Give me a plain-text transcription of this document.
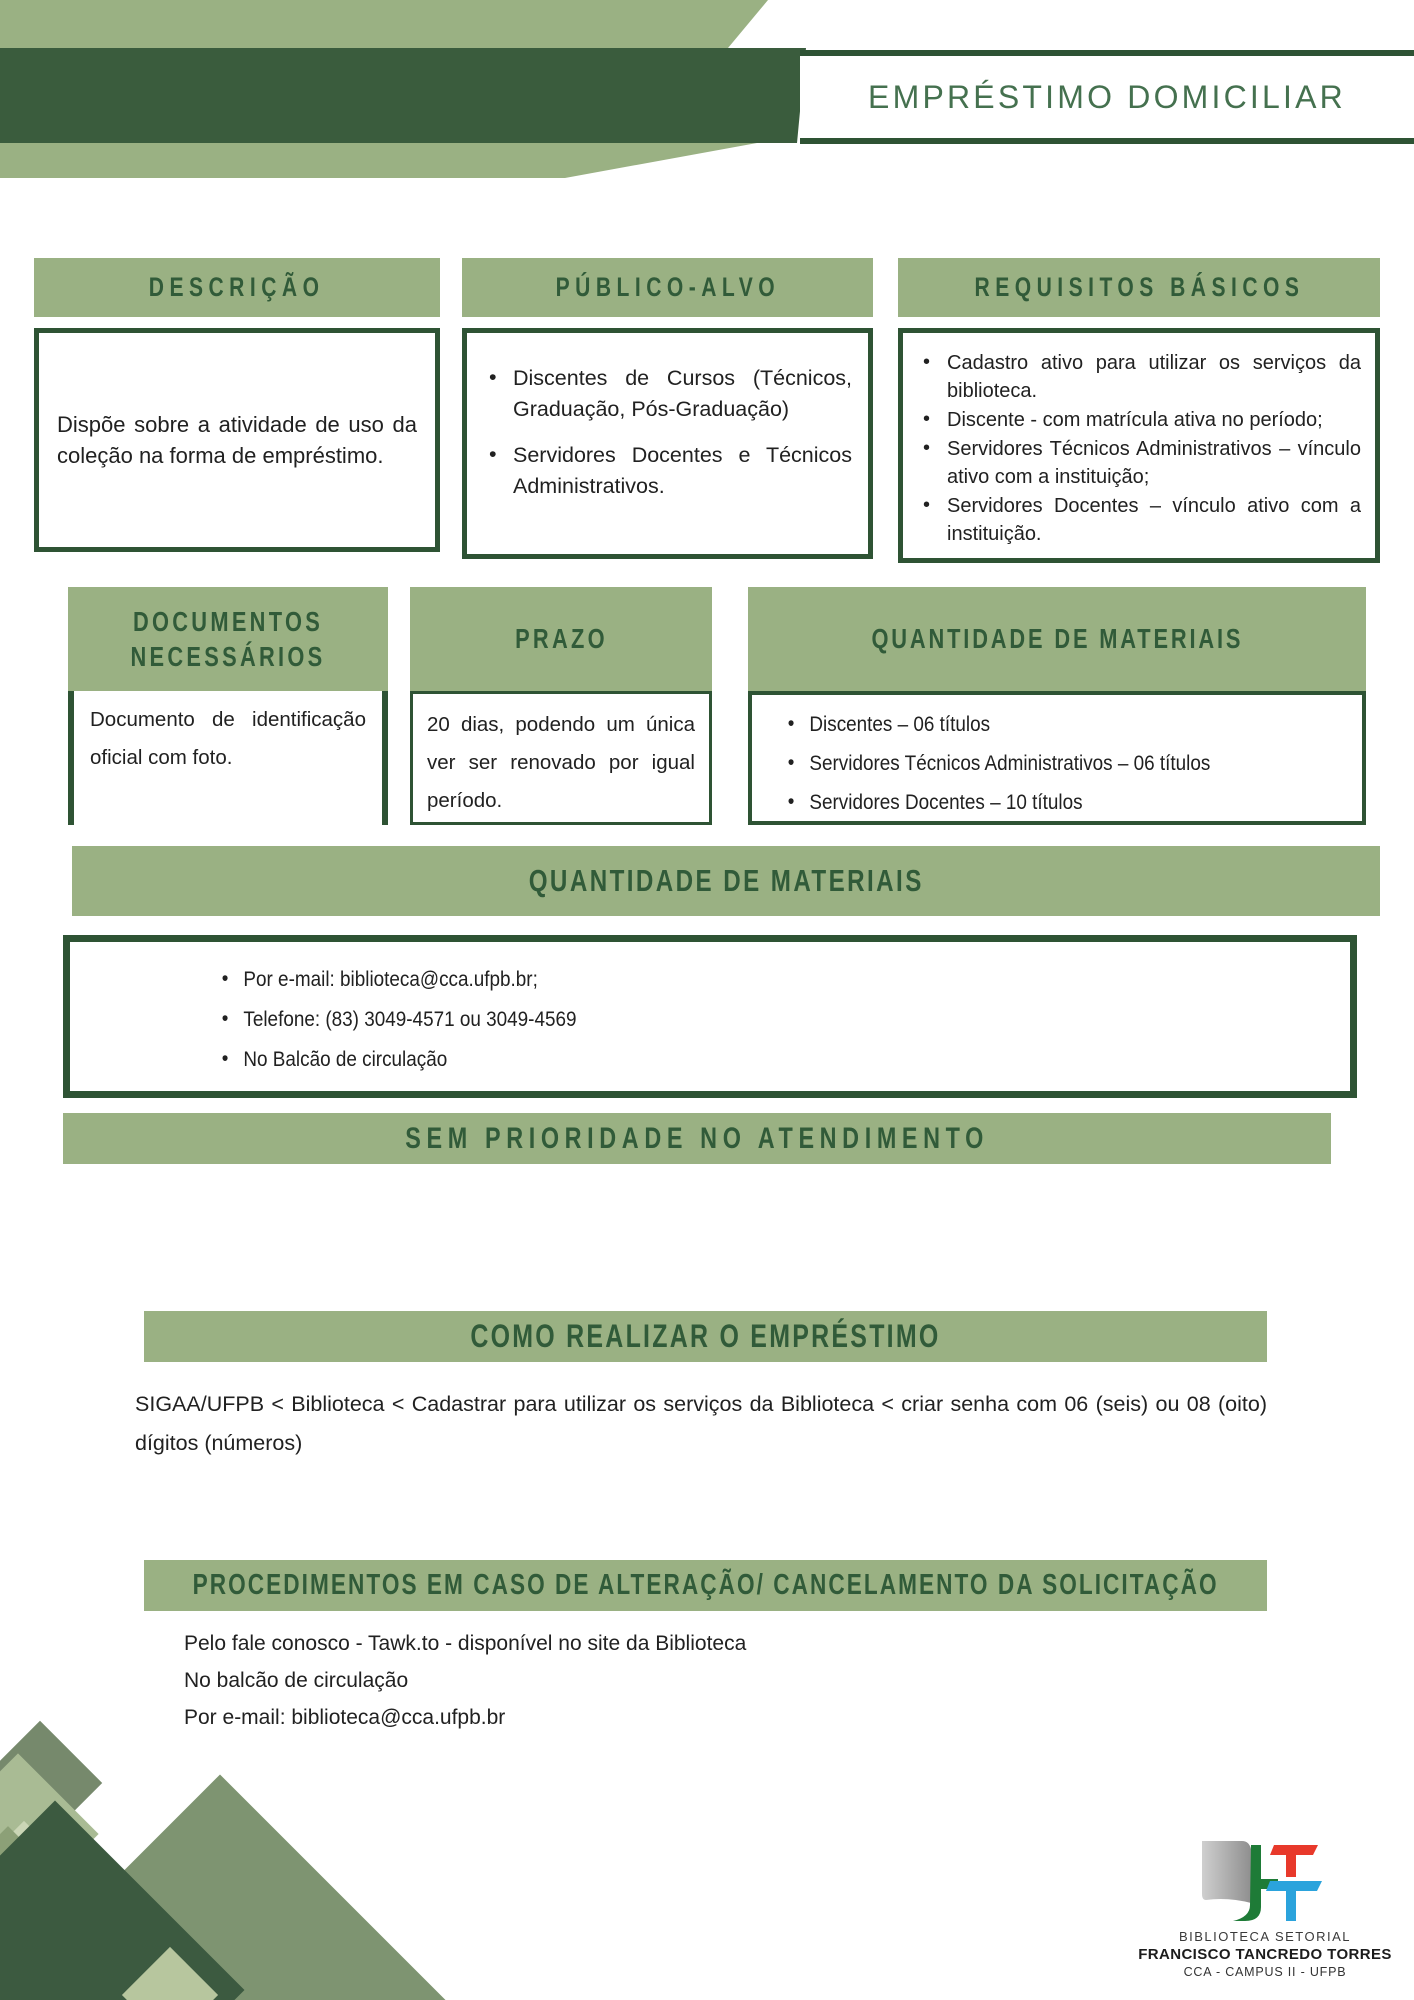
EMPRÉSTIMO DOMICILIAR
DESCRIÇÃO

Dispõe sobre a atividade de uso da coleção na forma de empréstimo.

PÚBLICO-ALVO
• Discentes de Cursos (Técnicos, Graduação, Pós-Graduação)
• Servidores Docentes e Técnicos Administrativos.
REQUISITOS BÁSICOS
• Cadastro ativo para utilizar os serviços da biblioteca.
• Discente - com matrícula ativa no período;
• Servidores Técnicos Administrativos – vínculo ativo com a instituição;
• Servidores Docentes – vínculo ativo com a instituição.
DOCUMENTOS NECESSÁRIOS

Documento de identificação oficial com foto.

PRAZO

20 dias, podendo um única ver ser renovado por igual período.

QUANTIDADE DE MATERIAIS
• Discentes – 06 títulos
• Servidores Técnicos Administrativos – 06 títulos
• Servidores Docentes – 10 títulos
QUANTIDADE DE MATERIAIS
• Por e-mail: biblioteca@cca.ufpb.br;
• Telefone: (83) 3049-4571 ou 3049-4569
• No Balcão de circulação
SEM PRIORIDADE NO ATENDIMENTO
COMO REALIZAR O EMPRÉSTIMO

SIGAA/UFPB < Biblioteca < Cadastrar para utilizar os serviços da Biblioteca < criar senha com 06 (seis) ou 08 (oito) dígitos (números)

PROCEDIMENTOS EM CASO DE ALTERAÇÃO/ CANCELAMENTO DA SOLICITAÇÃO
Pelo fale conosco - Tawk.to - disponível no site da Biblioteca
No balcão de circulação
Por e-mail: biblioteca@cca.ufpb.br
BIBLIOTECA SETORIAL
FRANCISCO TANCREDO TORRES
CCA - CAMPUS II - UFPB
